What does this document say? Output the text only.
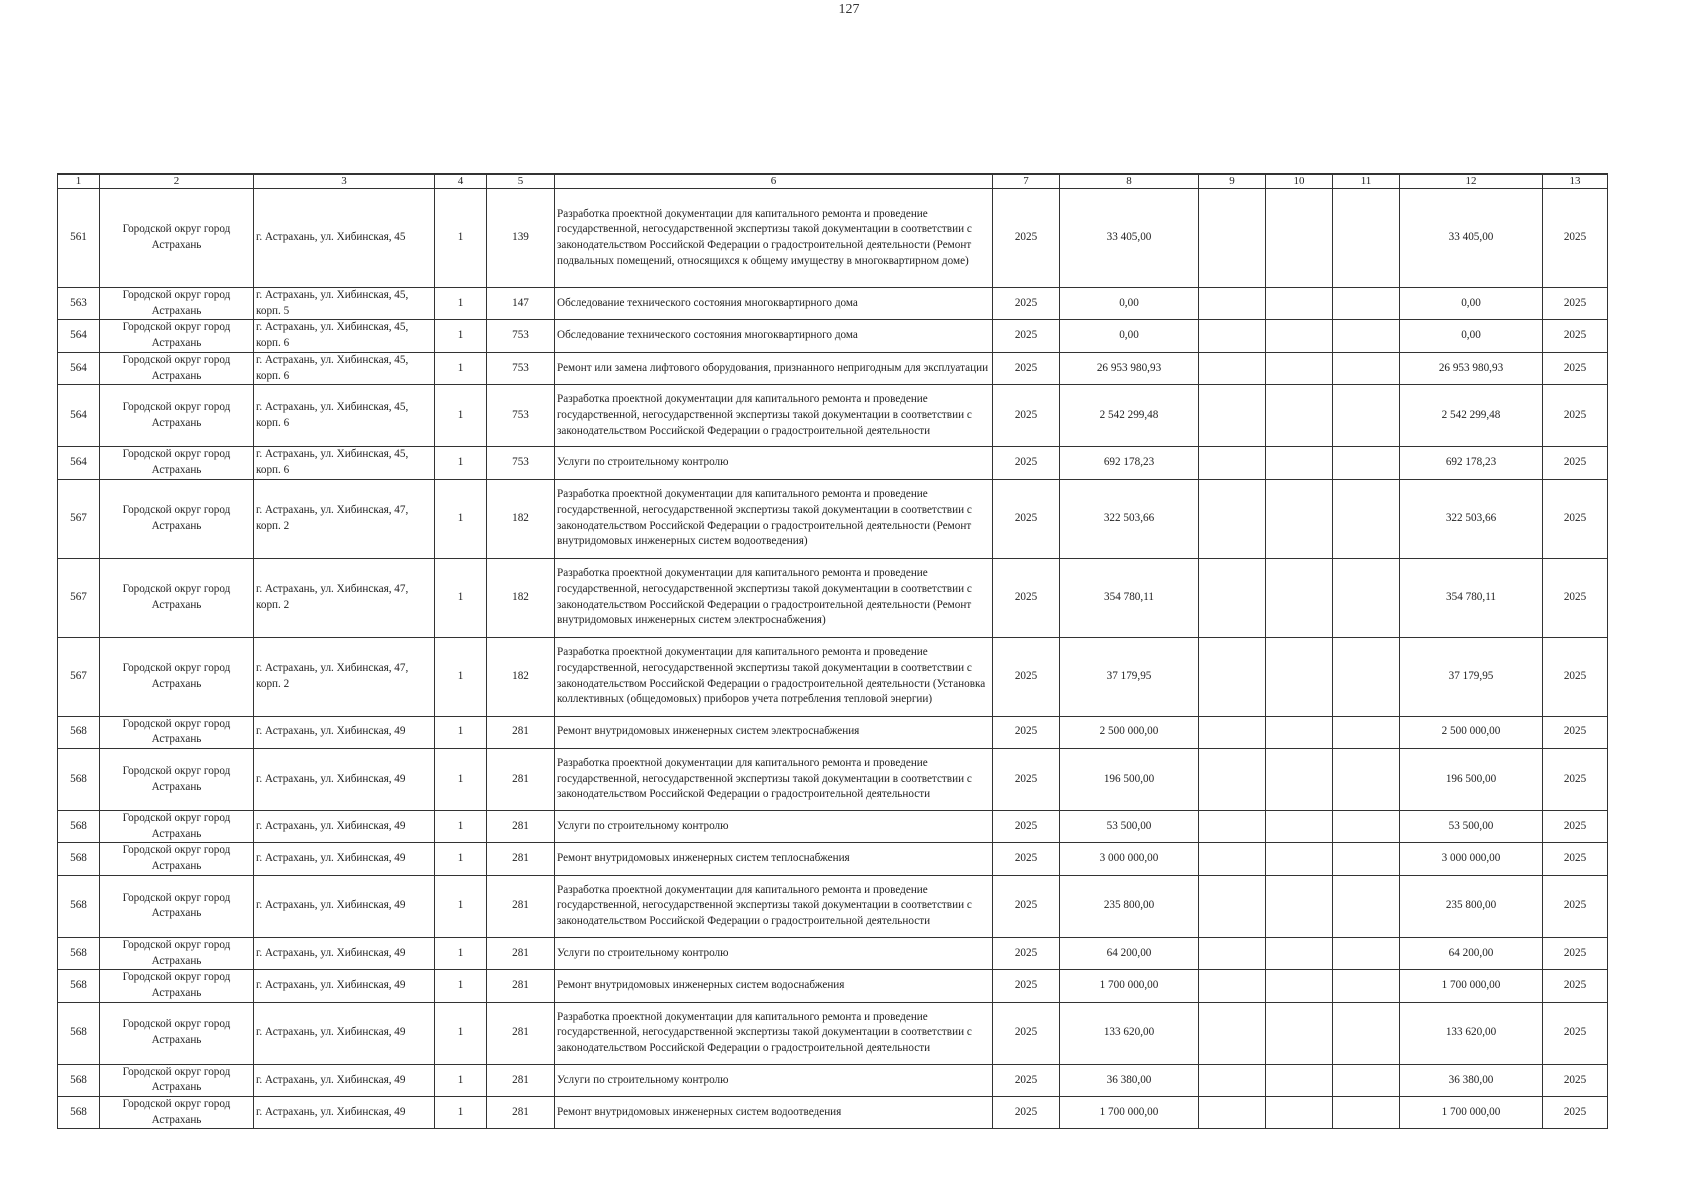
127
1	2	3	4	5	6	7	8	9	10	11	12	13
561	Городской округ город Астрахань	г. Астрахань, ул. Хибинская, 45	1	139	Разработка проектной документации для капитального ремонта и проведение государственной, негосударственной экспертизы такой документации в соответствии с законодательством Российской Федерации о градостроительной деятельности (Ремонт подвальных помещений, относящихся к общему имуществу в многоквартирном доме)	2025	33 405,00				33 405,00	2025
563	Городской округ город Астрахань	г. Астрахань, ул. Хибинская, 45, корп. 5	1	147	Обследование технического состояния многоквартирного дома	2025	0,00				0,00	2025
564	Городской округ город Астрахань	г. Астрахань, ул. Хибинская, 45, корп. 6	1	753	Обследование технического состояния многоквартирного дома	2025	0,00				0,00	2025
564	Городской округ город Астрахань	г. Астрахань, ул. Хибинская, 45, корп. 6	1	753	Ремонт или замена лифтового оборудования, признанного непригодным для эксплуатации	2025	26 953 980,93				26 953 980,93	2025
564	Городской округ город Астрахань	г. Астрахань, ул. Хибинская, 45, корп. 6	1	753	Разработка проектной документации для капитального ремонта и проведение государственной, негосударственной экспертизы такой документации в соответствии с законодательством Российской Федерации о градостроительной деятельности	2025	2 542 299,48				2 542 299,48	2025
564	Городской округ город Астрахань	г. Астрахань, ул. Хибинская, 45, корп. 6	1	753	Услуги по строительному контролю	2025	692 178,23				692 178,23	2025
567	Городской округ город Астрахань	г. Астрахань, ул. Хибинская, 47, корп. 2	1	182	Разработка проектной документации для капитального ремонта и проведение государственной, негосударственной экспертизы такой документации в соответствии с законодательством Российской Федерации о градостроительной деятельности (Ремонт внутридомовых инженерных систем водоотведения)	2025	322 503,66				322 503,66	2025
567	Городской округ город Астрахань	г. Астрахань, ул. Хибинская, 47, корп. 2	1	182	Разработка проектной документации для капитального ремонта и проведение государственной, негосударственной экспертизы такой документации в соответствии с законодательством Российской Федерации о градостроительной деятельности (Ремонт внутридомовых инженерных систем электроснабжения)	2025	354 780,11				354 780,11	2025
567	Городской округ город Астрахань	г. Астрахань, ул. Хибинская, 47, корп. 2	1	182	Разработка проектной документации для капитального ремонта и проведение государственной, негосударственной экспертизы такой документации в соответствии с законодательством Российской Федерации о градостроительной деятельности (Установка коллективных (общедомовых) приборов учета потребления тепловой энергии)	2025	37 179,95				37 179,95	2025
568	Городской округ город Астрахань	г. Астрахань, ул. Хибинская, 49	1	281	Ремонт внутридомовых инженерных систем электроснабжения	2025	2 500 000,00				2 500 000,00	2025
568	Городской округ город Астрахань	г. Астрахань, ул. Хибинская, 49	1	281	Разработка проектной документации для капитального ремонта и проведение государственной, негосударственной экспертизы такой документации в соответствии с законодательством Российской Федерации о градостроительной деятельности	2025	196 500,00				196 500,00	2025
568	Городской округ город Астрахань	г. Астрахань, ул. Хибинская, 49	1	281	Услуги по строительному контролю	2025	53 500,00				53 500,00	2025
568	Городской округ город Астрахань	г. Астрахань, ул. Хибинская, 49	1	281	Ремонт внутридомовых инженерных систем теплоснабжения	2025	3 000 000,00				3 000 000,00	2025
568	Городской округ город Астрахань	г. Астрахань, ул. Хибинская, 49	1	281	Разработка проектной документации для капитального ремонта и проведение государственной, негосударственной экспертизы такой документации в соответствии с законодательством Российской Федерации о градостроительной деятельности	2025	235 800,00				235 800,00	2025
568	Городской округ город Астрахань	г. Астрахань, ул. Хибинская, 49	1	281	Услуги по строительному контролю	2025	64 200,00				64 200,00	2025
568	Городской округ город Астрахань	г. Астрахань, ул. Хибинская, 49	1	281	Ремонт внутридомовых инженерных систем водоснабжения	2025	1 700 000,00				1 700 000,00	2025
568	Городской округ город Астрахань	г. Астрахань, ул. Хибинская, 49	1	281	Разработка проектной документации для капитального ремонта и проведение государственной, негосударственной экспертизы такой документации в соответствии с законодательством Российской Федерации о градостроительной деятельности	2025	133 620,00				133 620,00	2025
568	Городской округ город Астрахань	г. Астрахань, ул. Хибинская, 49	1	281	Услуги по строительному контролю	2025	36 380,00				36 380,00	2025
568	Городской округ город Астрахань	г. Астрахань, ул. Хибинская, 49	1	281	Ремонт внутридомовых инженерных систем водоотведения	2025	1 700 000,00				1 700 000,00	2025
